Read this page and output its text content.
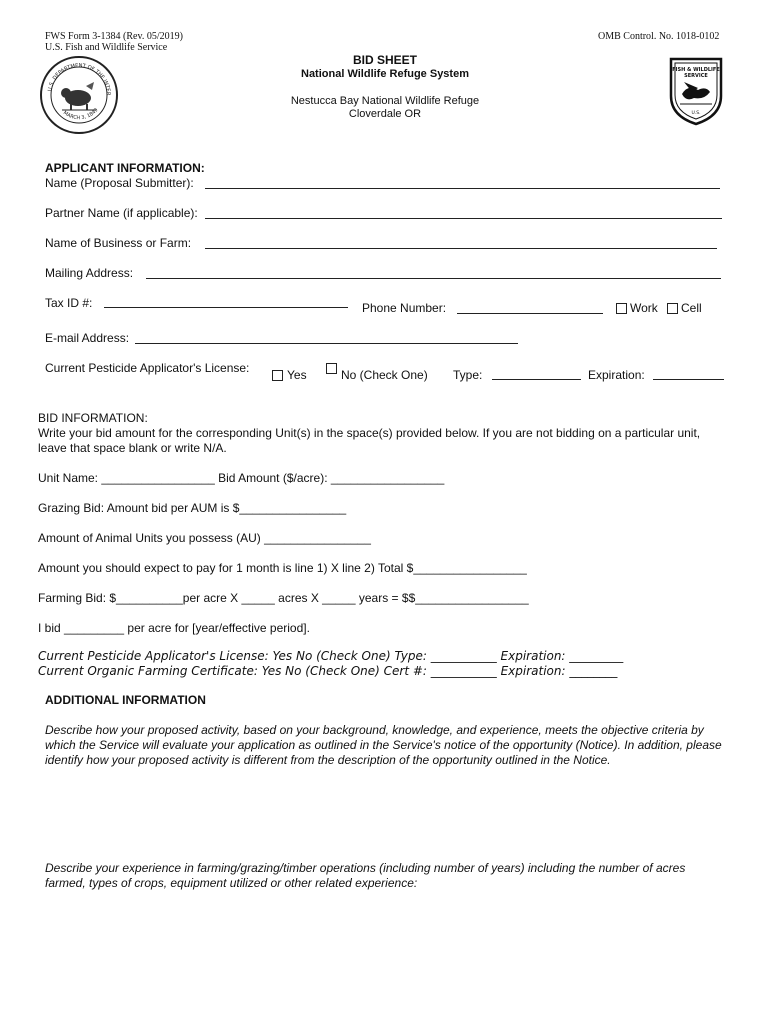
FWS Form 3-1384 (Rev. 05/2019)
U.S. Fish and Wildlife Service
OMB Control. No. 1018-0102
U.S. DEPARTMENT OF THE INTER
MARCH 3, 1849
FISH & WILDLIFE
SERVICE
U.S.
BID SHEET
National Wildlife Refuge System
Nestucca Bay National Wildlife Refuge
Cloverdale OR
APPLICANT INFORMATION:
Name (Proposal Submitter):
Partner Name (if applicable):
Name of Business or Farm:
Mailing Address:
Tax ID #:	Phone Number:	Work Cell
E-mail Address:
Current Pesticide Applicator's License:	Yes	No (Check One) Type:	Expiration:
BID INFORMATION:
Write your bid amount for the corresponding Unit(s) in the space(s) provided below. If you are not bidding on a particular unit, leave that space blank or write N/A.
Unit Name: _________________ Bid Amount ($/acre): _________________
Grazing Bid: Amount bid per AUM is $________________
Amount of Animal Units you possess (AU) ________________
Amount you should expect to pay for 1 month is line 1) X line 2) Total $_________________
Farming Bid: $__________per acre X _____ acres X _____ years = $$_________________
I bid _________ per acre for [year/effective period].
Current Pesticide Applicator's License: Yes No (Check One) Type: ___________ Expiration: _________
Current Organic Farming Certificate: Yes No (Check One) Cert #: ___________ Expiration: ________
ADDITIONAL INFORMATION
Describe how your proposed activity, based on your background, knowledge, and experience, meets the objective criteria by which the Service will evaluate your application as outlined in the Service's notice of the opportunity (Notice). In addition, please identify how your proposed activity is different from the description of the opportunity outlined in the Notice.
Describe your experience in farming/grazing/timber operations (including number of years) including the number of acres farmed, types of crops, equipment utilized or other related experience:
